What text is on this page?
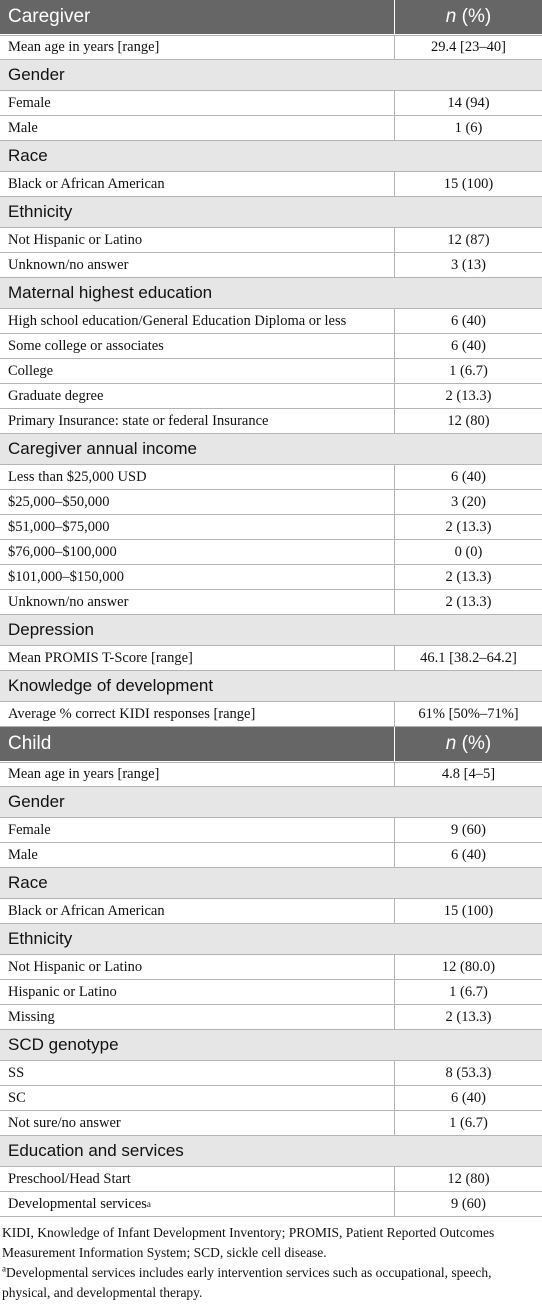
Caregiver	n (%)
Mean age in years [range]	29.4 [23–40]
Gender
Female	14 (94)
Male	1 (6)
Race
Black or African American	15 (100)
Ethnicity
Not Hispanic or Latino	12 (87)
Unknown/no answer	3 (13)
Maternal highest education
High school education/General Education Diploma or less	6 (40)
Some college or associates	6 (40)
College	1 (6.7)
Graduate degree	2 (13.3)
Primary Insurance: state or federal Insurance	12 (80)
Caregiver annual income
Less than $25,000 USD	6 (40)
$25,000–$50,000	3 (20)
$51,000–$75,000	2 (13.3)
$76,000–$100,000	0 (0)
$101,000–$150,000	2 (13.3)
Unknown/no answer	2 (13.3)
Depression
Mean PROMIS T-Score [range]	46.1 [38.2–64.2]
Knowledge of development
Average % correct KIDI responses [range]	61% [50%–71%]
Child	n (%)
Mean age in years [range]	4.8 [4–5]
Gender
Female	9 (60)
Male	6 (40)
Race
Black or African American	15 (100)
Ethnicity
Not Hispanic or Latino	12 (80.0)
Hispanic or Latino	1 (6.7)
Missing	2 (13.3)
SCD genotype
SS	8 (53.3)
SC	6 (40)
Not sure/no answer	1 (6.7)
Education and services
Preschool/Head Start	12 (80)
Developmental services a	9 (60)

KIDI, Knowledge of Infant Development Inventory; PROMIS, Patient Reported Outcomes Measurement Information System; SCD, sickle cell disease.

$^a$Developmental services includes early intervention services such as occupational, speech, physical, and developmental therapy.
